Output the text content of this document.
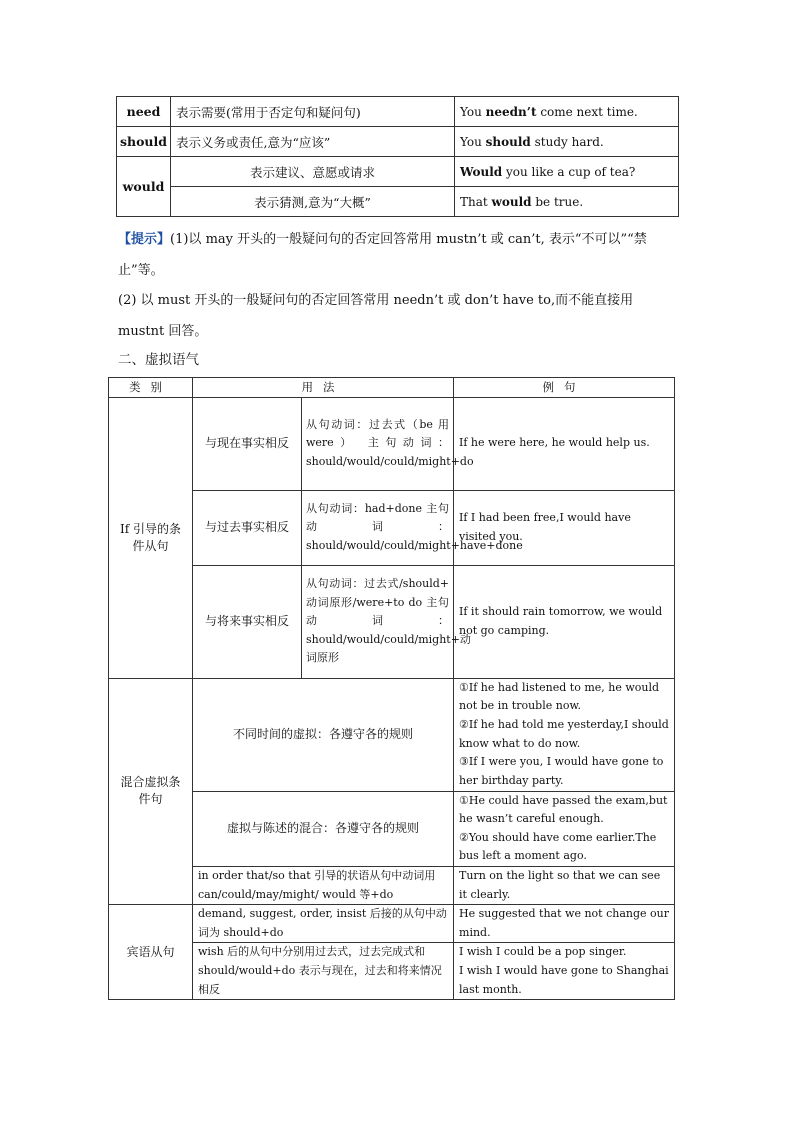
need	表示需要(常用于否定句和疑问句)	You needn’t come next time.
should	表示义务或责任,意为“应该”	You should study hard.
would	表示建议、意愿或请求	Would you like a cup of tea?
	表示猜测,意为“大概”	That would be true.
【提示】(1)以 may 开头的一般疑问句的否定回答常用 mustn’t 或 can’t, 表示“不可以”“禁止”等。
(2) 以 must 开头的一般疑问句的否定回答常用 needn’t 或 don’t have to,而不能直接用 mustnt 回答。
二、虚拟语气
类别	用法		例句
If 引导的条件从句	与现在事实相反	从句动词：过去式（be 用 were） 主句动词：should/would/could/might+do	If he were here, he would help us.
	与过去事实相反	从句动词：had+done 主句动词：should/would/could/might+have+done	If I had been free,I would have visited you.
	与将来事实相反	从句动词：过去式/should+ 动词原形/were+to do 主句动词：should/would/could/might+动词原形	If it should rain tomorrow, we would not go camping.
混合虚拟条件句	不同时间的虚拟：各遵守各的规则		①If he had listened to me, he would not be in trouble now.
②If he had told me yesterday,I should know what to do now.
③If I were you, I would have gone to her birthday party.

	虚拟与陈述的混合：各遵守各的规则		①He could have passed the exam,but he wasn’t careful enough.
②You should have come earlier.The bus left a moment ago.

	in order that/so that 引导的状语从句中动词用 can/could/may/might/ would 等+do		Turn on the light so that we can see it clearly.
宾语从句	demand, suggest, order, insist 后接的从句中动词为 should+do		He suggested that we not change our mind.
	wish 后的从句中分别用过去式，过去完成式和 should/would+do 表示与现在，过去和将来情况相反		I wish I could be a pop singer.
I wish I would have gone to Shanghai last month.
